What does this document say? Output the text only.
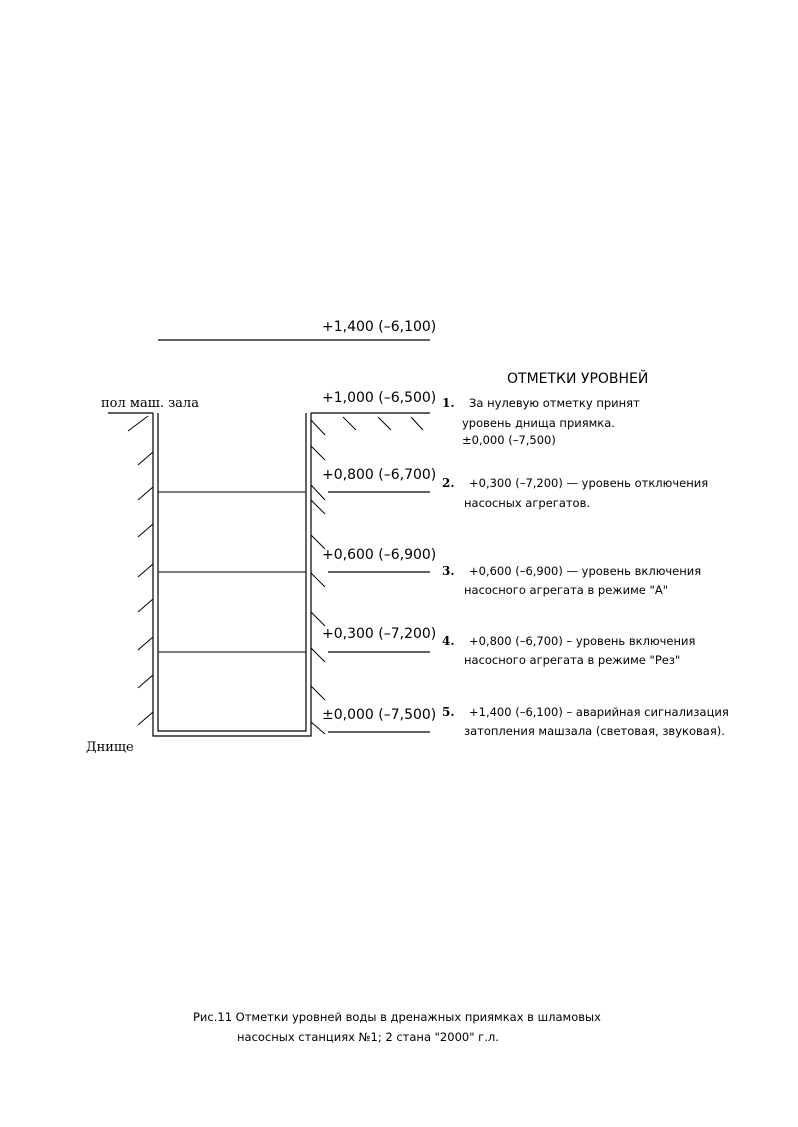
+1,400 (–6,100)
+1,000 (–6,500)
+0,800 (–6,700)
+0,600 (–6,900)
+0,300 (–7,200)
±0,000 (–7,500)
пол маш. зала
Днище
ОТМЕТКИ УРОВНЕЙ
1. За нулевую отметку принят
уровень днища приямка.
±0,000 (–7,500)
2. +0,300 (–7,200) — уровень отключения
насосных агрегатов.
3. +0,600 (–6,900) — уровень включения
насосного агрегата в режиме "А"
4. +0,800 (–6,700) – уровень включения
насосного агрегата в режиме "Рез"
5. +1,400 (–6,100) – аварийная сигнализация
затопления машзала (световая, звуковая).
Рис.11 Отметки уровней воды в дренажных приямках в шламовых
насосных станциях №1; 2 стана "2000" г.л.
